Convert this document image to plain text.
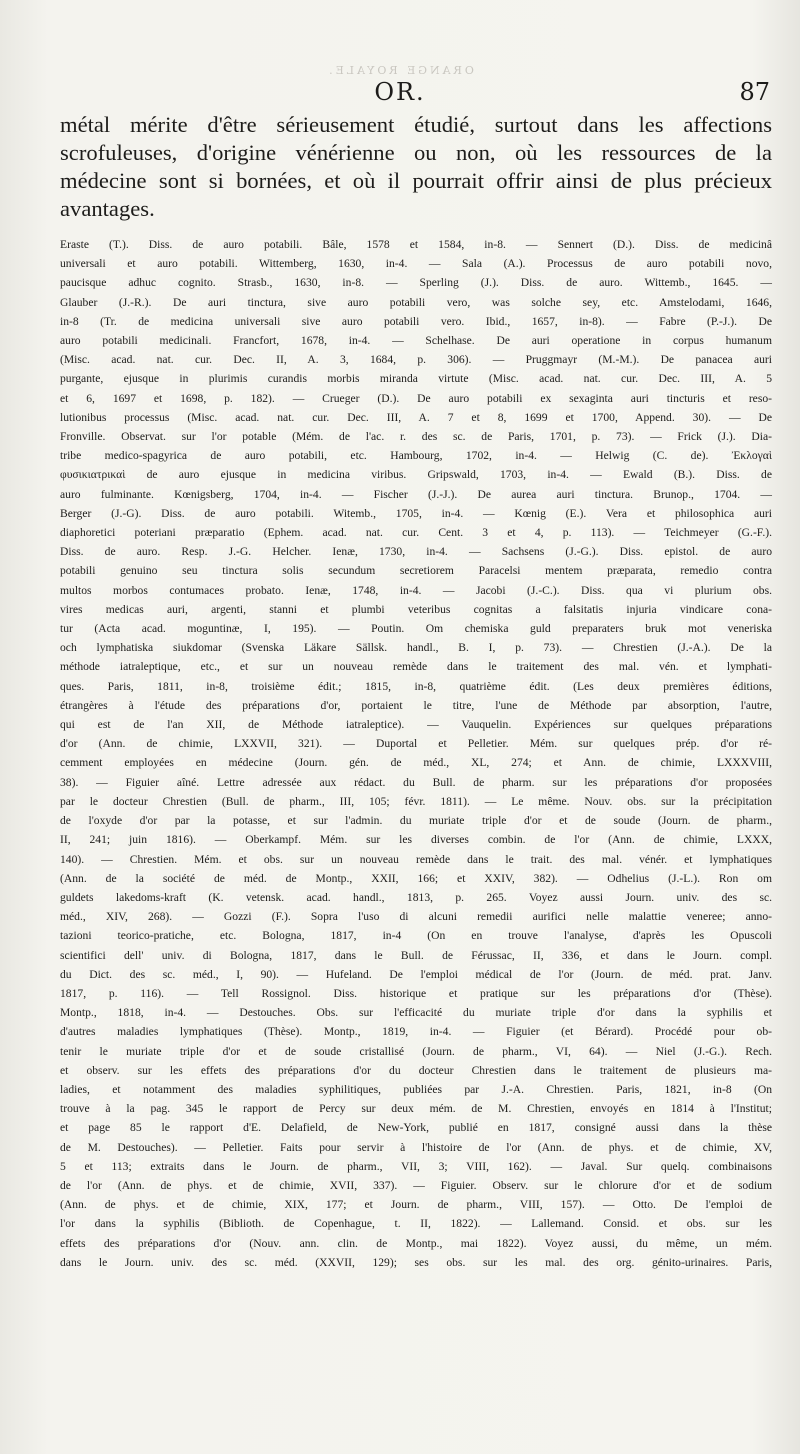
ORANGE ROYALE.
OR.	87
métal mérite d'être sérieusement étudié, surtout dans les affections
scrofuleuses, d'origine vénérienne ou non, où les ressources de la
médecine sont si bornées, et où il pourrait offrir ainsi de plus précieux
avantages.
Eraste (T.). Diss. de auro potabili. Bâle, 1578 et 1584, in-8. — Sennert (D.). Diss. de medicinâ
universali et auro potabili. Wittemberg, 1630, in-4. — Sala (A.). Processus de auro potabili novo,
paucisque adhuc cognito. Strasb., 1630, in-8. — Sperling (J.). Diss. de auro. Wittemb., 1645. —
Glauber (J.-R.). De auri tinctura, sive auro potabili vero, was solche sey, etc. Amstelodami, 1646,
in-8 (Tr. de medicina universali sive auro potabili vero. Ibid., 1657, in-8). — Fabre (P.-J.). De
auro potabili medicinali. Francfort, 1678, in-4. — Schelhase. De auri operatione in corpus humanum
(Misc. acad. nat. cur. Dec. II, A. 3, 1684, p. 306). — Pruggmayr (M.-M.). De panacea auri
purgante, ejusque in plurimis curandis morbis miranda virtute (Misc. acad. nat. cur. Dec. III, A. 5
et 6, 1697 et 1698, p. 182). — Crueger (D.). De auro potabili ex sexaginta auri tincturis et reso-
lutionibus processus (Misc. acad. nat. cur. Dec. III, A. 7 et 8, 1699 et 1700, Append. 30). — De
Fronville. Observat. sur l'or potable (Mém. de l'ac. r. des sc. de Paris, 1701, p. 73). — Frick (J.). Dia-
tribe medico-spagyrica de auro potabili, etc. Hambourg, 1702, in-4. — Helwig (C. de). Ἐκλογαὶ
φυσικιατρικαὶ de auro ejusque in medicina viribus. Gripswald, 1703, in-4. — Ewald (B.). Diss. de
auro fulminante. Kœnigsberg, 1704, in-4. — Fischer (J.-J.). De aurea auri tinctura. Brunop., 1704. —
Berger (J.-G). Diss. de auro potabili. Witemb., 1705, in-4. — Kœnig (E.). Vera et philosophica auri
diaphoretici poteriani præparatio (Ephem. acad. nat. cur. Cent. 3 et 4, p. 113). — Teichmeyer (G.-F.).
Diss. de auro. Resp. J.-G. Helcher. Ienæ, 1730, in-4. — Sachsens (J.-G.). Diss. epistol. de auro
potabili genuino seu tinctura solis secundum secretiorem Paracelsi mentem præparata, remedio contra
multos morbos contumaces probato. Ienæ, 1748, in-4. — Jacobi (J.-C.). Diss. qua vi plurium obs.
vires medicas auri, argenti, stanni et plumbi veteribus cognitas a falsitatis injuria vindicare cona-
tur (Acta acad. moguntinæ, I, 195). — Poutin. Om chemiska guld preparaters bruk mot veneriska
och lymphatiska siukdomar (Svenska Läkare Sällsk. handl., B. I, p. 73). — Chrestien (J.-A.). De la
méthode iatraleptique, etc., et sur un nouveau remède dans le traitement des mal. vén. et lymphati-
ques. Paris, 1811, in-8, troisième édit.; 1815, in-8, quatrième édit. (Les deux premières éditions,
étrangères à l'étude des préparations d'or, portaient le titre, l'une de Méthode par absorption, l'autre,
qui est de l'an XII, de Méthode iatraleptice). — Vauquelin. Expériences sur quelques préparations
d'or (Ann. de chimie, LXXVII, 321). — Duportal et Pelletier. Mém. sur quelques prép. d'or ré-
cemment employées en médecine (Journ. gén. de méd., XL, 274; et Ann. de chimie, LXXXVIII,
38). — Figuier aîné. Lettre adressée aux rédact. du Bull. de pharm. sur les préparations d'or proposées
par le docteur Chrestien (Bull. de pharm., III, 105; févr. 1811). — Le même. Nouv. obs. sur la précipitation
de l'oxyde d'or par la potasse, et sur l'admin. du muriate triple d'or et de soude (Journ. de pharm.,
II, 241; juin 1816). — Oberkampf. Mém. sur les diverses combin. de l'or (Ann. de chimie, LXXX,
140). — Chrestien. Mém. et obs. sur un nouveau remède dans le trait. des mal. vénér. et lymphatiques
(Ann. de la société de méd. de Montp., XXII, 166; et XXIV, 382). — Odhelius (J.-L.). Ron om
guldets lakedoms-kraft (K. vetensk. acad. handl., 1813, p. 265. Voyez aussi Journ. univ. des sc.
méd., XIV, 268). — Gozzi (F.). Sopra l'uso di alcuni remedii aurifici nelle malattie veneree; anno-
tazioni teorico-pratiche, etc. Bologna, 1817, in-4 (On en trouve l'analyse, d'après les Opuscoli
scientifici dell' univ. di Bologna, 1817, dans le Bull. de Férussac, II, 336, et dans le Journ. compl.
du Dict. des sc. méd., I, 90). — Hufeland. De l'emploi médical de l'or (Journ. de méd. prat. Janv.
1817, p. 116). — Tell Rossignol. Diss. historique et pratique sur les préparations d'or (Thèse).
Montp., 1818, in-4. — Destouches. Obs. sur l'efficacité du muriate triple d'or dans la syphilis et
d'autres maladies lymphatiques (Thèse). Montp., 1819, in-4. — Figuier (et Bérard). Procédé pour ob-
tenir le muriate triple d'or et de soude cristallisé (Journ. de pharm., VI, 64). — Niel (J.-G.). Rech.
et observ. sur les effets des préparations d'or du docteur Chrestien dans le traitement de plusieurs ma-
ladies, et notamment des maladies syphilitiques, publiées par J.-A. Chrestien. Paris, 1821, in-8 (On
trouve à la pag. 345 le rapport de Percy sur deux mém. de M. Chrestien, envoyés en 1814 à l'Institut;
et page 85 le rapport d'E. Delafield, de New-York, publié en 1817, consigné aussi dans la thèse
de M. Destouches). — Pelletier. Faits pour servir à l'histoire de l'or (Ann. de phys. et de chimie, XV,
5 et 113; extraits dans le Journ. de pharm., VII, 3; VIII, 162). — Javal. Sur quelq. combinaisons
de l'or (Ann. de phys. et de chimie, XVII, 337). — Figuier. Observ. sur le chlorure d'or et de sodium
(Ann. de phys. et de chimie, XIX, 177; et Journ. de pharm., VIII, 157). — Otto. De l'emploi de
l'or dans la syphilis (Biblioth. de Copenhague, t. II, 1822). — Lallemand. Consid. et obs. sur les
effets des préparations d'or (Nouv. ann. clin. de Montp., mai 1822). Voyez aussi, du même, un mém.
dans le Journ. univ. des sc. méd. (XXVII, 129); ses obs. sur les mal. des org. génito-urinaires. Paris,
